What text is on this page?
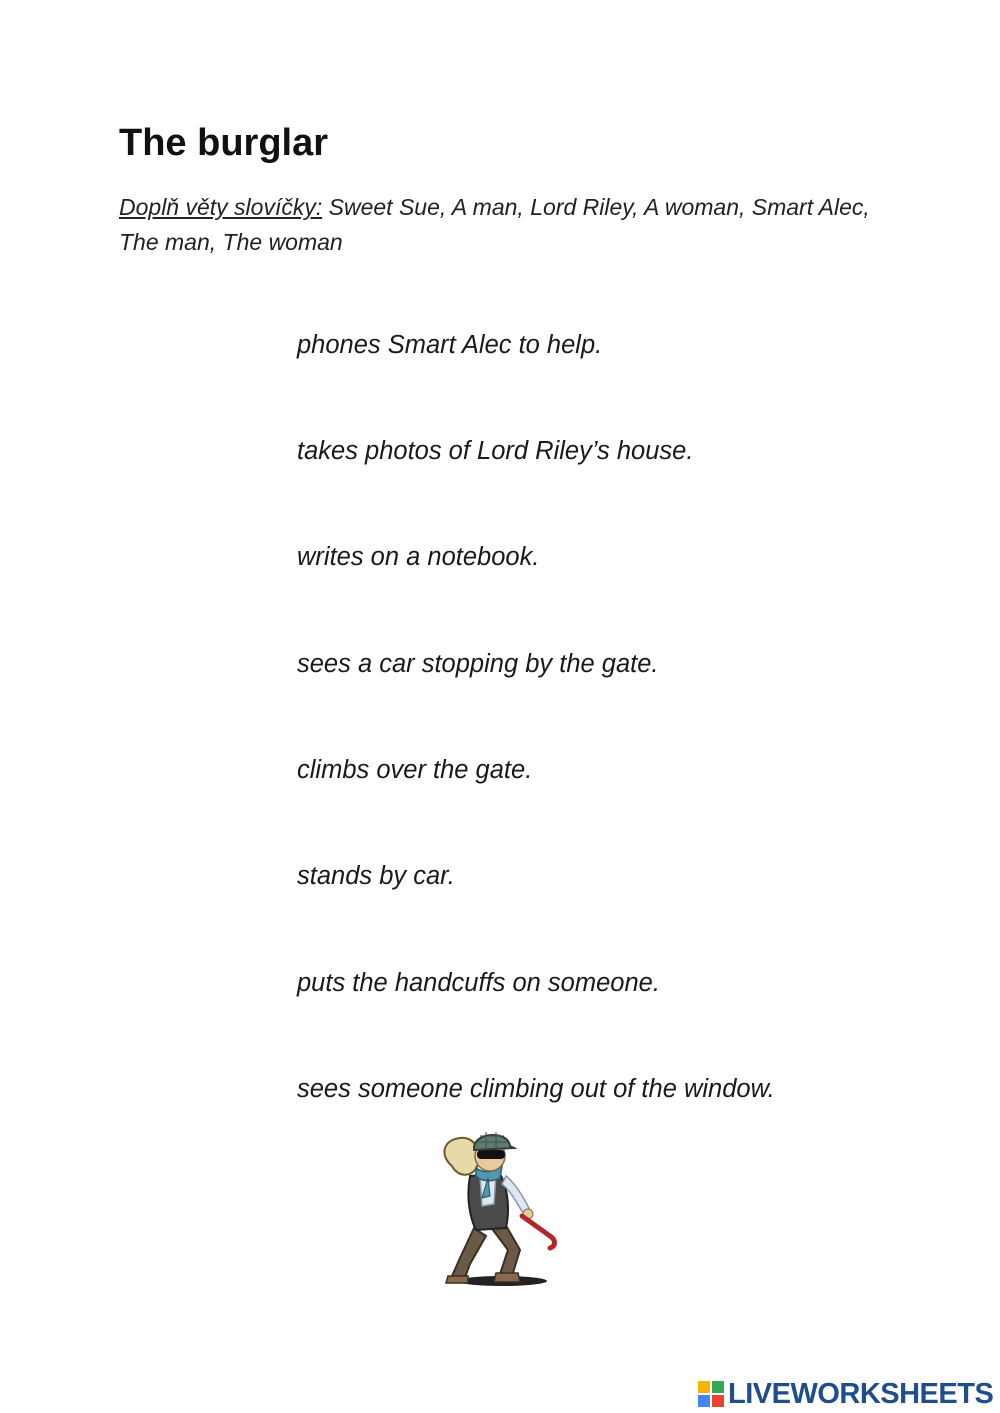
The burglar
Doplň věty slovíčky: Sweet Sue, A man, Lord Riley, A woman, Smart Alec, The man, The woman
phones Smart Alec to help.
takes photos of Lord Riley’s house.
writes on a notebook.
sees a car stopping by the gate.
climbs over the gate.
stands by car.
puts the handcuffs on someone.
sees someone climbing out of the window.
LIVEWORKSHEETS
